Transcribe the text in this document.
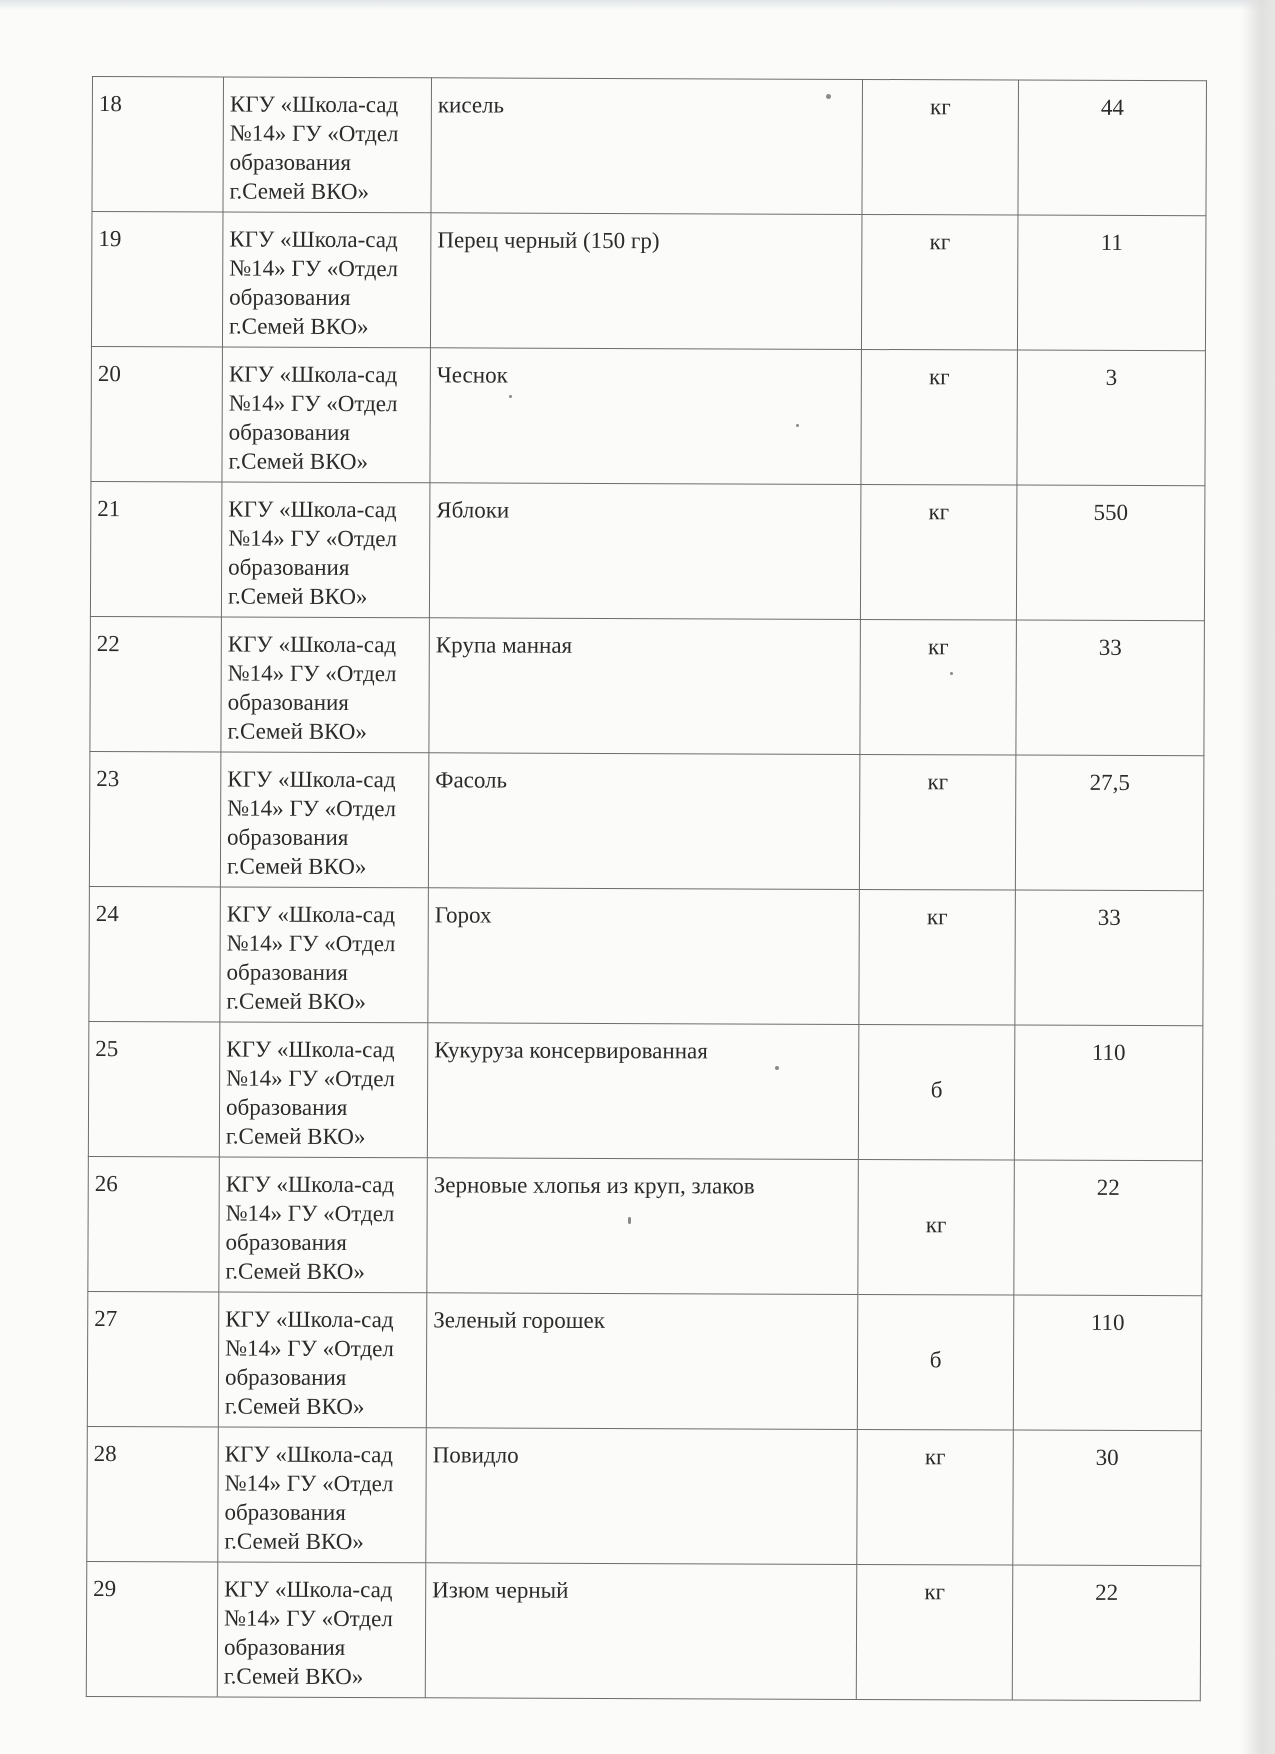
18	КГУ «Школа-сад
№14» ГУ «Отдел
образования
г.Семей ВКО»	кисель	кг	44
19	КГУ «Школа-сад
№14» ГУ «Отдел
образования
г.Семей ВКО»	Перец черный (150 гр)	кг	11
20	КГУ «Школа-сад
№14» ГУ «Отдел
образования
г.Семей ВКО»	Чеснок	кг	3
21	КГУ «Школа-сад
№14» ГУ «Отдел
образования
г.Семей ВКО»	Яблоки	кг	550
22	КГУ «Школа-сад
№14» ГУ «Отдел
образования
г.Семей ВКО»	Крупа манная	кг	33
23	КГУ «Школа-сад
№14» ГУ «Отдел
образования
г.Семей ВКО»	Фасоль	кг	27,5
24	КГУ «Школа-сад
№14» ГУ «Отдел
образования
г.Семей ВКО»	Горох	кг	33
25	КГУ «Школа-сад
№14» ГУ «Отдел
образования
г.Семей ВКО»	Кукуруза консервированная	б	110
26	КГУ «Школа-сад
№14» ГУ «Отдел
образования
г.Семей ВКО»	Зерновые хлопья из круп, злаков	кг	22
27	КГУ «Школа-сад
№14» ГУ «Отдел
образования
г.Семей ВКО»	Зеленый горошек	б	110
28	КГУ «Школа-сад
№14» ГУ «Отдел
образования
г.Семей ВКО»	Повидло	кг	30
29	КГУ «Школа-сад
№14» ГУ «Отдел
образования
г.Семей ВКО»	Изюм черный	кг	22
